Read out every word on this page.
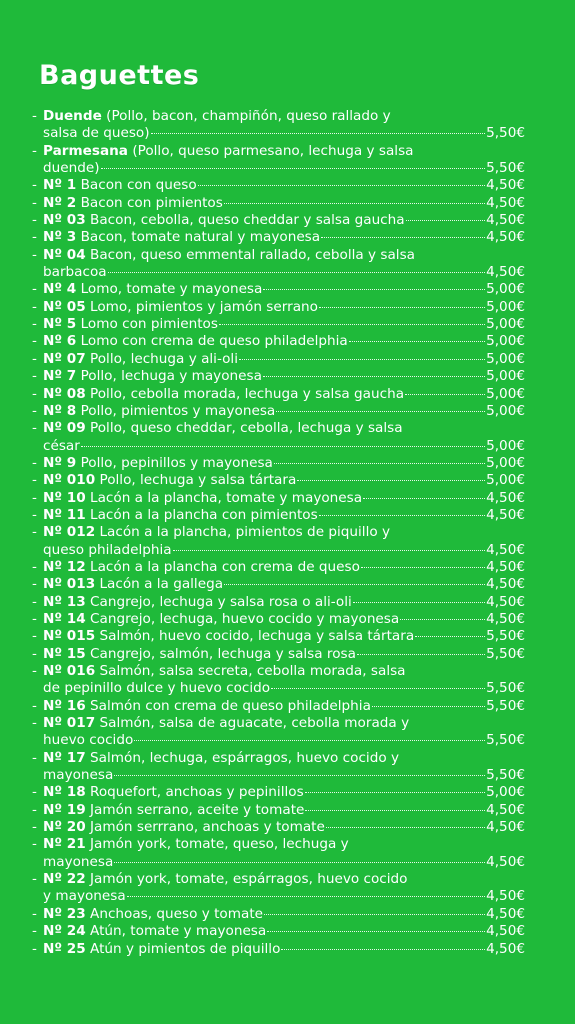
Baguettes
- Duende (Pollo, bacon, champiñón, queso rallado y
salsa de queso)	5,50€
- Parmesana (Pollo, queso parmesano, lechuga y salsa
duende)	5,50€
- Nº 1 Bacon con queso	4,50€
- Nº 2 Bacon con pimientos	4,50€
- Nº 03 Bacon, cebolla, queso cheddar y salsa gaucha	4,50€
- Nº 3 Bacon, tomate natural y mayonesa	4,50€
- Nº 04 Bacon, queso emmental rallado, cebolla y salsa
barbacoa	4,50€
- Nº 4 Lomo, tomate y mayonesa	5,00€
- Nº 05 Lomo, pimientos y jamón serrano	5,00€
- Nº 5 Lomo con pimientos	5,00€
- Nº 6 Lomo con crema de queso philadelphia	5,00€
- Nº 07 Pollo, lechuga y ali-oli	5,00€
- Nº 7 Pollo, lechuga y mayonesa	5,00€
- Nº 08 Pollo, cebolla morada, lechuga y salsa gaucha	5,00€
- Nº 8 Pollo, pimientos y mayonesa	5,00€
- Nº 09 Pollo, queso cheddar, cebolla, lechuga y salsa
césar	5,00€
- Nº 9 Pollo, pepinillos y mayonesa	5,00€
- Nº 010 Pollo, lechuga y salsa tártara	5,00€
- Nº 10 Lacón a la plancha, tomate y mayonesa	4,50€
- Nº 11 Lacón a la plancha con pimientos	4,50€
- Nº 012 Lacón a la plancha, pimientos de piquillo y
queso philadelphia	4,50€
- Nº 12 Lacón a la plancha con crema de queso	4,50€
- Nº 013 Lacón a la gallega	4,50€
- Nº 13 Cangrejo, lechuga y salsa rosa o ali-oli	4,50€
- Nº 14 Cangrejo, lechuga, huevo cocido y mayonesa	4,50€
- Nº 015 Salmón, huevo cocido, lechuga y salsa tártara	5,50€
- Nº 15 Cangrejo, salmón, lechuga y salsa rosa	5,50€
- Nº 016 Salmón, salsa secreta, cebolla morada, salsa
de pepinillo dulce y huevo cocido	5,50€
- Nº 16 Salmón con crema de queso philadelphia	5,50€
- Nº 017 Salmón, salsa de aguacate, cebolla morada y
huevo cocido	5,50€
- Nº 17 Salmón, lechuga, espárragos, huevo cocido y
mayonesa	5,50€
- Nº 18 Roquefort, anchoas y pepinillos	5,00€
- Nº 19 Jamón serrano, aceite y tomate	4,50€
- Nº 20 Jamón serrrano, anchoas y tomate	4,50€
- Nº 21 Jamón york, tomate, queso, lechuga y
mayonesa	4,50€
- Nº 22 Jamón york, tomate, espárragos, huevo cocido
y mayonesa	4,50€
- Nº 23 Anchoas, queso y tomate	4,50€
- Nº 24 Atún, tomate y mayonesa	4,50€
- Nº 25 Atún y pimientos de piquillo	4,50€
